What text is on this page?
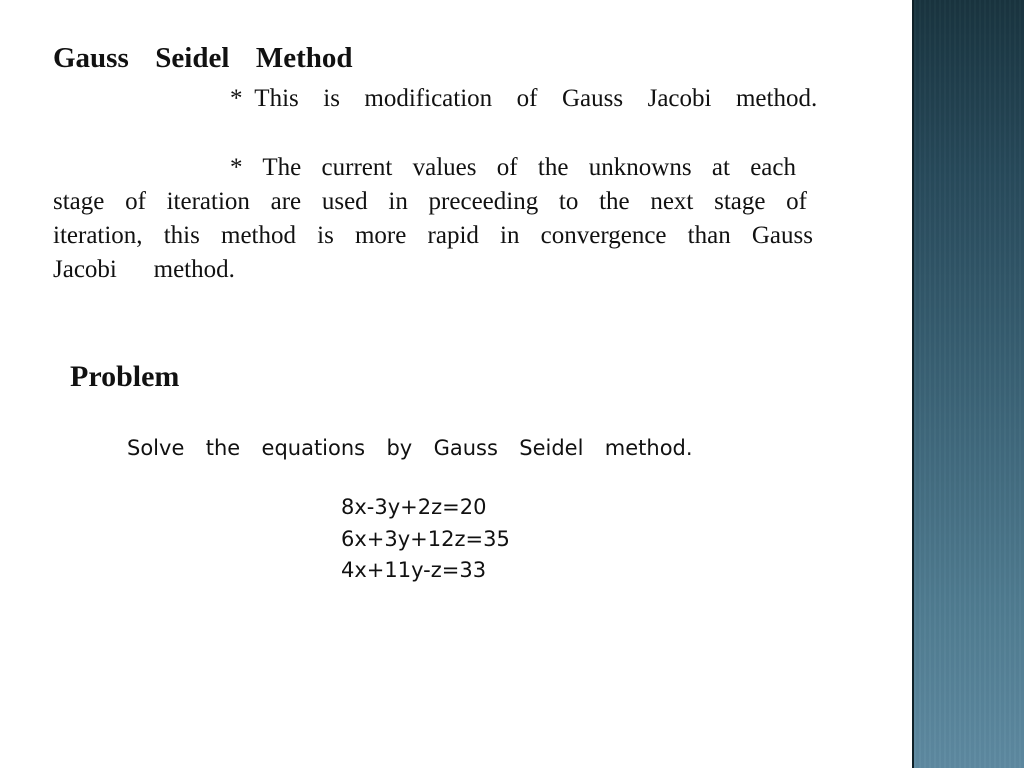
Gauss  Seidel  Method

* This  is  modification  of  Gauss  Jacobi  method.

* The current values of the unknowns at each

stage of iteration are used in preceeding to the next stage of

iteration, this method is more rapid in convergence than Gauss

Jacobi   method.

Problem

Solve  the  equations  by  Gauss  Seidel  method.

8x-3y+2z=20

6x+3y+12z=35

4x+11y-z=33
